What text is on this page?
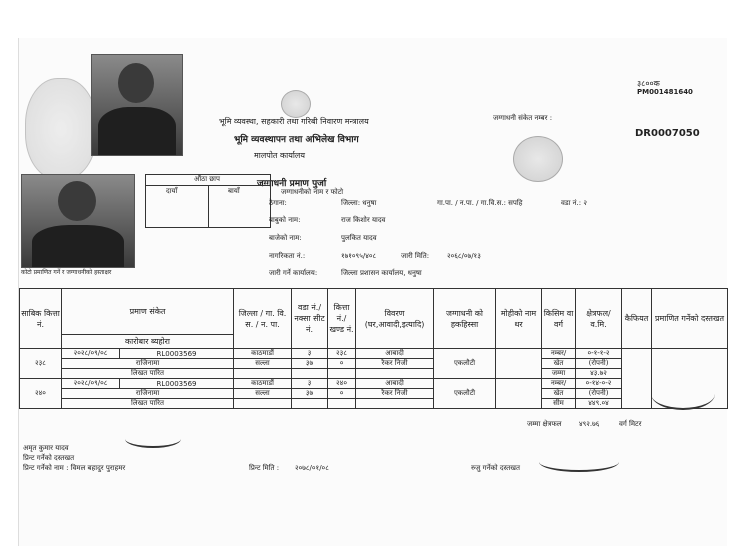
कोटो प्रमाणित गर्ने र जग्गाधनीको हस्ताक्षर
भूमि व्यवस्था, सहकारी तथा गरिबी निवारण मन्त्रालय
भूमि व्यवस्थापन तथा अभिलेख विभाग
मालपोत कार्यालय
जग्गाधनी प्रमाण पुर्जा
३८००क
PM001481640
जग्गाधनी संकेत नम्बर :
DR0007050
औंठा छाप
दायाँ	बायाँ	जग्गाधनीको नाम र फोटो
ठेगाना:	जिल्ला: धनुषा	गा.पा. / न.पा. / गा.वि.स.: सपहि	वडा नं.: २
बाबुको नाम:	राज किशोर यादव
बाजेको नाम:	पुलकित यादव
नागरिकता नं.:	१७१०९५/४०८	जारी मिति:	२०६८/०७/१३
जारी गर्ने कार्यालय:	जिल्ला प्रशासन कार्यालय, धनुषा
साबिक कित्ता नं.	प्रमाण संकेत		जिल्ला / गा. वि. स. / न. पा.	वडा नं./ नक्सा सीट नं.	कित्ता नं./ खण्ड नं.	विवरण (घर,आवादी,इत्यादि)	जग्गाधनी को हकहिस्सा	मोहीको नाम थर	किसिम वा वर्ग	क्षेत्रफल/ व.मि.	कैफियत	प्रमाणित गर्नेको दस्तखत
	कारोबार ब्यहोरा											
२३८	२०२८/०९/०८	RL0003569	काठमाडौं	३	२३८	आबादी	एकलौटी		नम्बर/	०-१-१-२		
	राजिनामा		सल्ला	३७	०	रैकर निजी			खेत	(रोपनी)		
	लिखत पारित								जम्मा	४३.७२		
२४०	२०२८/०९/०८	RL0003569	काठमाडौं	३	२४०	आबादी	एकलौटी		नम्बर/	०-१४-०-२		
	राजिनामा		सल्ला	३७	०	रैकर निजी			खेत	(रोपनी)		
	लिखत पारित								सीम	४४९.०४		
जम्मा क्षेत्रफल ४९२.७६	वर्ग मिटर
अमृत कुमार यादव
प्रिन्ट गर्नेको दस्तखत
प्रिन्ट गर्नेको नाम : विमल बहादुर पुराहमर	प्रिन्ट मिति : २०७८/०१/०८	रुजु गर्नेको दस्तखत
